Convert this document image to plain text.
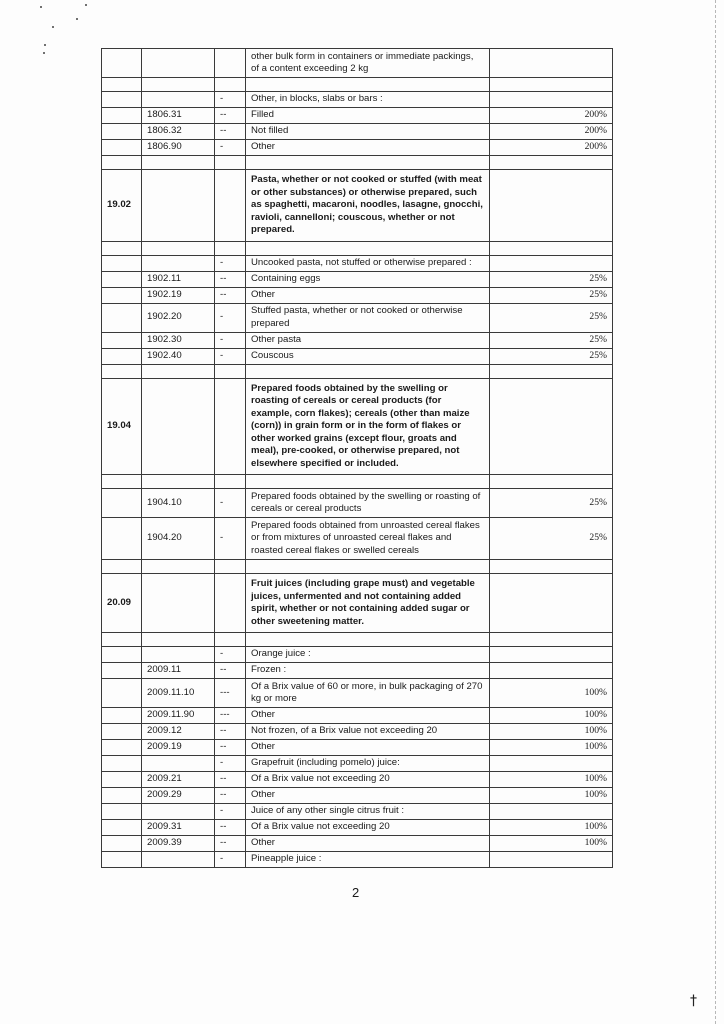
			other bulk form in containers or immediate packings, of a content exceeding 2 kg	

		-	Other, in blocks, slabs or bars :	
	1806.31	--	Filled	200%
	1806.32	--	Not filled	200%
	1806.90	-	Other	200%

19.02			Pasta, whether or not cooked or stuffed (with meat or other substances) or otherwise prepared, such as spaghetti, macaroni, noodles, lasagne, gnocchi, ravioli, cannelloni; couscous, whether or not prepared.	

		-	Uncooked pasta, not stuffed or otherwise prepared :	
	1902.11	--	Containing eggs	25%
	1902.19	--	Other	25%
	1902.20	-	Stuffed pasta, whether or not cooked or otherwise prepared	25%
	1902.30	-	Other pasta	25%
	1902.40	-	Couscous	25%

19.04			Prepared foods obtained by the swelling or roasting of cereals or cereal products (for example, corn flakes); cereals (other than maize (corn)) in grain form or in the form of flakes or other worked grains (except flour, groats and meal), pre-cooked, or otherwise prepared, not elsewhere specified or included.	

	1904.10	-	Prepared foods obtained by the swelling or roasting of cereals or cereal products	25%
	1904.20	-	Prepared foods obtained from unroasted cereal flakes or from mixtures of unroasted cereal flakes and roasted cereal flakes or swelled cereals	25%

20.09			Fruit juices (including grape must) and vegetable juices, unfermented and not containing added spirit, whether or not containing added sugar or other sweetening matter.	

		-	Orange juice :	
	2009.11	--	Frozen :	
	2009.11.10	---	Of a Brix value of 60 or more, in bulk packaging of 270 kg or more	100%
	2009.11.90	---	Other	100%
	2009.12	--	Not frozen, of a Brix value not exceeding 20	100%
	2009.19	--	Other	100%
		-	Grapefruit (including pomelo) juice:	
	2009.21	--	Of a Brix value not exceeding 20	100%
	2009.29	--	Other	100%
		-	Juice of any other single citrus fruit :	
	2009.31	--	Of a Brix value not exceeding 20	100%
	2009.39	--	Other	100%
		-	Pineapple juice :	
2
†
